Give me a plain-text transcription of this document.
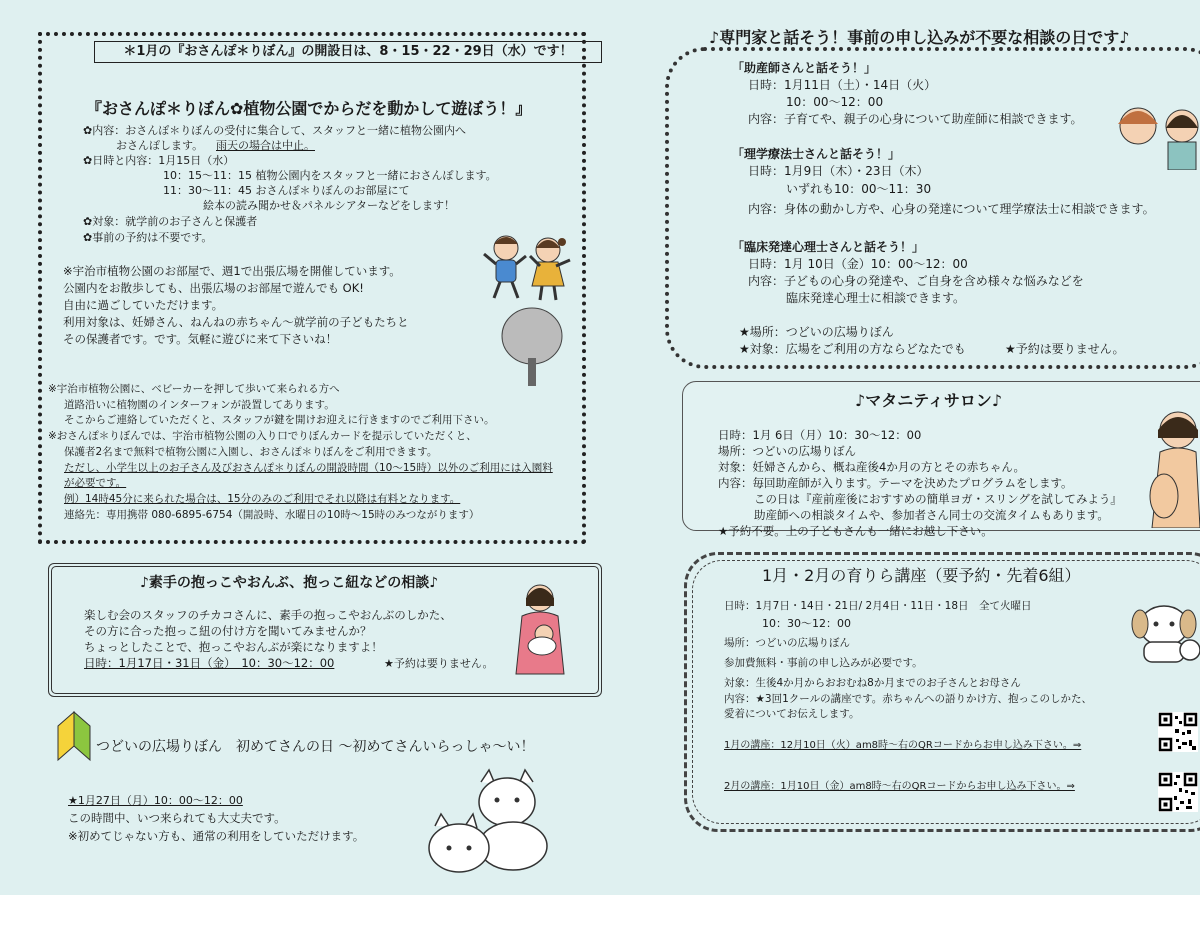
＊1月の『おさんぽ＊りぼん』の開設日は、8・15・22・29日（水）です！
『おさんぽ＊りぼん✿植物公園でからだを動かして遊ぼう！』
✿内容：おさんぽ＊りぼんの受付に集合して、スタッフと一緒に植物公園内へ
おさんぽします。 雨天の場合は中止。
✿日時と内容：1月15日（水）
10：15～11：15 植物公園内をスタッフと一緒におさんぽします。
11：30～11：45 おさんぽ＊りぼんのお部屋にて
絵本の読み聞かせ＆パネルシアターなどをします！
✿対象：就学前のお子さんと保護者
✿事前の予約は不要です。
※宇治市植物公園のお部屋で、週1で出張広場を開催しています。
公園内をお散歩しても、出張広場のお部屋で遊んでも OK!
自由に過ごしていただけます。
利用対象は、妊婦さん、ねんねの赤ちゃん～就学前の子どもたちと
その保護者です。です。気軽に遊びに来て下さいね！
※宇治市植物公園に、ベビーカーを押して歩いて来られる方へ
道路沿いに植物園のインターフォンが設置してあります。
そこからご連絡していただくと、スタッフが鍵を開けお迎えに行きますのでご利用下さい。
※おさんぽ＊りぼんでは、宇治市植物公園の入り口でりぼんカードを提示していただくと、
保護者2名まで無料で植物公園に入園し、おさんぽ＊りぼんをご利用できます。
ただし、小学生以上のお子さん及びおさんぽ＊りぼんの開設時間（10～15時）以外のご利用には入園料
が必要です。
例）14時45分に来られた場合は、15分のみのご利用でそれ以降は有料となります。
連絡先：専用携帯 080-6895-6754（開設時、水曜日の10時～15時のみつながります）
♪素手の抱っこやおんぶ、抱っこ紐などの相談♪
楽しむ会のスタッフのチカコさんに、素手の抱っこやおんぶのしかた、
その方に合った抱っこ紐の付け方を聞いてみませんか？
ちょっとしたことで、抱っこやおんぶが楽になりますよ！
日時：1月17日・31日（金）　10：30～12：00	★予約は要りません。
つどいの広場りぼん　初めてさんの日 ～初めてさんいらっしゃ～い！
★1月27日（月）10：00～12：00
この時間中、いつ来られても大丈夫です。
※初めてじゃない方も、通常の利用をしていただけます。
♪専門家と話そう！事前の申し込みが不要な相談の日です♪
「助産師さんと話そう！」
日時：1月11日（土）・14日（火）
10：00～12：00
内容：子育てや、親子の心身について助産師に相談できます。
「理学療法士さんと話そう！」
日時：1月9日（木）・23日（木）
いずれも10：00～11：30
内容：身体の動かし方や、心身の発達について理学療法士に相談できます。
「臨床発達心理士さんと話そう！」
日時：1月 10日（金）10：00～12：00
内容：子どもの心身の発達や、ご自身を含め様々な悩みなどを
臨床発達心理士に相談できます。
★場所：つどいの広場りぼん
★対象：広場をご利用の方ならどなたでも	★予約は要りません。
♪マタニティサロン♪
日時：1月 6日（月）10：30～12：00
場所：つどいの広場りぼん
対象：妊婦さんから、概ね産後4か月の方とその赤ちゃん。
内容：毎回助産師が入ります。テーマを決めたプログラムをします。
この日は『産前産後におすすめの簡単ヨガ・スリングを試してみよう』
助産師への相談タイムや、参加者さん同士の交流タイムもあります。
★予約不要。上の子どもさんも一緒にお越し下さい。
1月・2月の育りら講座（要予約・先着6組）
日時：1月7日・14日・21日/ 2月4日・11日・18日　全て火曜日
10：30～12：00
場所：つどいの広場りぼん
参加費無料・事前の申し込みが必要です。
対象：生後4か月からおおむね8か月までのお子さんとお母さん
内容：★3回1クールの講座です。赤ちゃんへの語りかけ方、抱っこのしかた、
愛着についてお伝えします。
1月の講座：12月10日（火）am8時～右のQRコードからお申し込み下さい。⇒
2月の講座：1月10日（金）am8時～右のQRコードからお申し込み下さい。⇒
